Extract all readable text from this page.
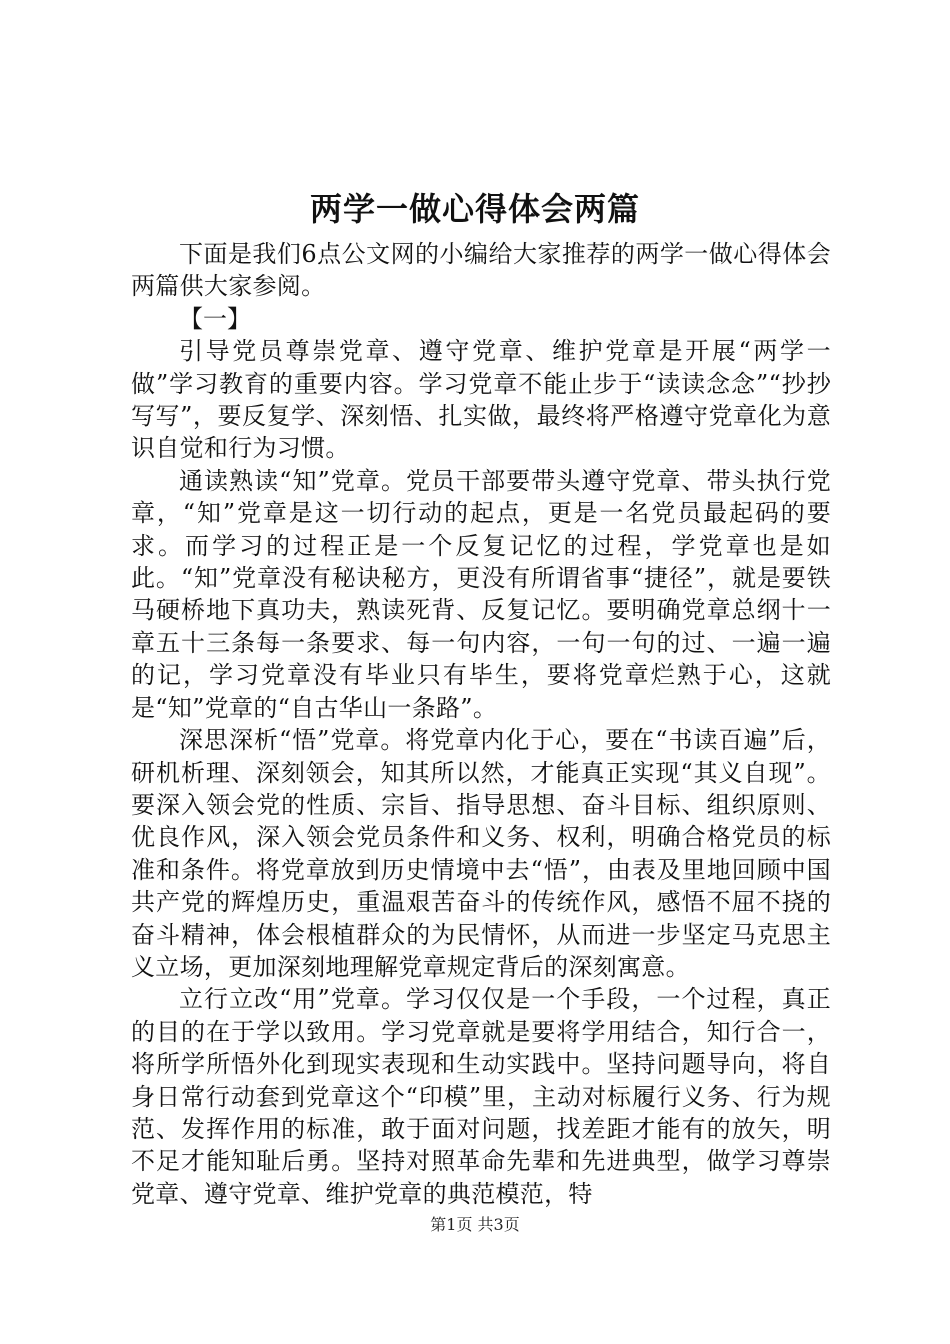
两学一做心得体会两篇

下面是我们6点公文网的小编给大家推荐的两学一做心得体会两篇供大家参阅。

【一】

引导党员尊崇党章、遵守党章、维护党章是开展“两学一做”学习教育的重要内容。学习党章不能止步于“读读念念”“抄抄写写”，要反复学、深刻悟、扎实做，最终将严格遵守党章化为意识自觉和行为习惯。

通读熟读“知”党章。党员干部要带头遵守党章、带头执行党章，“知”党章是这一切行动的起点，更是一名党员最起码的要求。而学习的过程正是一个反复记忆的过程，学党章也是如此。“知”党章没有秘诀秘方，更没有所谓省事“捷径”，就是要铁马硬桥地下真功夫，熟读死背、反复记忆。要明确党章总纲十一章五十三条每一条要求、每一句内容，一句一句的过、一遍一遍的记，学习党章没有毕业只有毕生，要将党章烂熟于心，这就是“知”党章的“自古华山一条路”。

深思深析“悟”党章。将党章内化于心，要在“书读百遍”后，研机析理、深刻领会，知其所以然，才能真正实现“其义自现”。要深入领会党的性质、宗旨、指导思想、奋斗目标、组织原则、优良作风，深入领会党员条件和义务、权利，明确合格党员的标准和条件。将党章放到历史情境中去“悟”，由表及里地回顾中国共产党的辉煌历史，重温艰苦奋斗的传统作风，感悟不屈不挠的奋斗精神，体会根植群众的为民情怀，从而进一步坚定马克思主义立场，更加深刻地理解党章规定背后的深刻寓意。

立行立改“用”党章。学习仅仅是一个手段，一个过程，真正的目的在于学以致用。学习党章就是要将学用结合，知行合一，将所学所悟外化到现实表现和生动实践中。坚持问题导向，将自身日常行动套到党章这个“印模”里，主动对标履行义务、行为规范、发挥作用的标准，敢于面对问题，找差距才能有的放矢，明不足才能知耻后勇。坚持对照革命先辈和先进典型，做学习尊崇党章、遵守党章、维护党章的典范模范，特

第1页 共3页
